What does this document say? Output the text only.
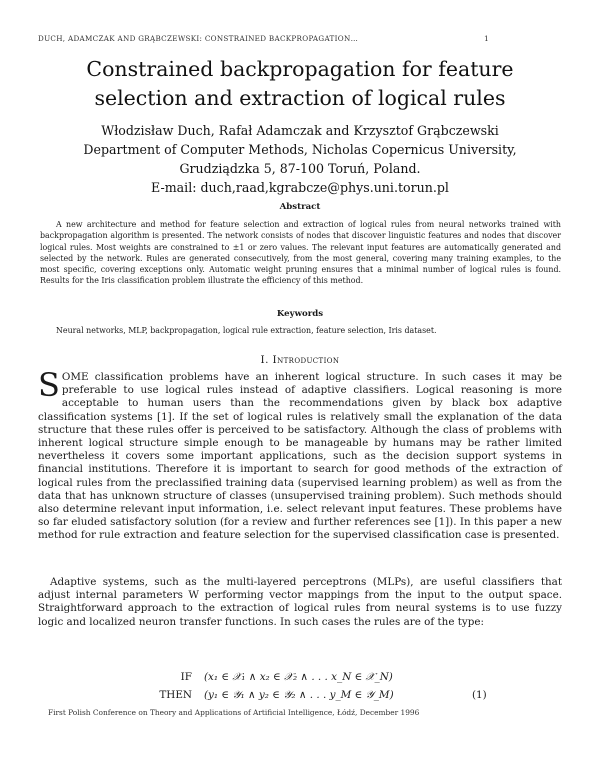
DUCH, ADAMCZAK AND GRĄBCZEWSKI: CONSTRAINED BACKPROPAGATION…	1
Constrained backpropagation for feature
selection and extraction of logical rules
Włodzisław Duch, Rafał Adamczak and Krzysztof Grąbczewski
Department of Computer Methods, Nicholas Copernicus University,
Grudziądzka 5, 87-100 Toruń, Poland.
E-mail: duch,raad,kgrabcze@phys.uni.torun.pl
Abstract
A new architecture and method for feature selection and extraction of logical rules from neural networks trained with backpropagation algorithm is presented. The network consists of nodes that discover linguistic features and nodes that discover logical rules. Most weights are constrained to ±1 or zero values. The relevant input features are automatically generated and selected by the network. Rules are generated consecutively, from the most general, covering many training examples, to the most specific, covering exceptions only. Automatic weight pruning ensures that a minimal number of logical rules is found. Results for the Iris classification problem illustrate the efficiency of this method.
Keywords
Neural networks, MLP, backpropagation, logical rule extraction, feature selection, Iris dataset.
I. Introduction
SOME classification problems have an inherent logical structure. In such cases it may be preferable to use logical rules instead of adaptive classifiers. Logical reasoning is more acceptable to human users than the recommendations given by black box adaptive classification systems [1]. If the set of logical rules is relatively small the explanation of the data structure that these rules offer is perceived to be satisfactory. Although the class of problems with inherent logical structure simple enough to be manageable by humans may be rather limited nevertheless it covers some important applications, such as the decision support systems in financial institutions. Therefore it is important to search for good methods of the extraction of logical rules from the preclassified training data (supervised learning problem) as well as from the data that has unknown structure of classes (unsupervised training problem). Such methods should also determine relevant input information, i.e. select relevant input features. These problems have so far eluded satisfactory solution (for a review and further references see [1]). In this paper a new method for rule extraction and feature selection for the supervised classification case is presented.
Adaptive systems, such as the multi-layered perceptrons (MLPs), are useful classifiers that adjust internal parameters W performing vector mappings from the input to the output space. Straightforward approach to the extraction of logical rules from neural systems is to use fuzzy logic and localized neuron transfer functions. In such cases the rules are of the type:
IF (x₁ ∈ 𝒳₁ ∧ x₂ ∈ 𝒳₂ ∧ . . . x_N ∈ 𝒳_N)
THEN (y₁ ∈ 𝒴₁ ∧ y₂ ∈ 𝒴₂ ∧ . . . y_M ∈ 𝒴_M)	(1)
First Polish Conference on Theory and Applications of Artificial Intelligence, Łódź, December 1996
